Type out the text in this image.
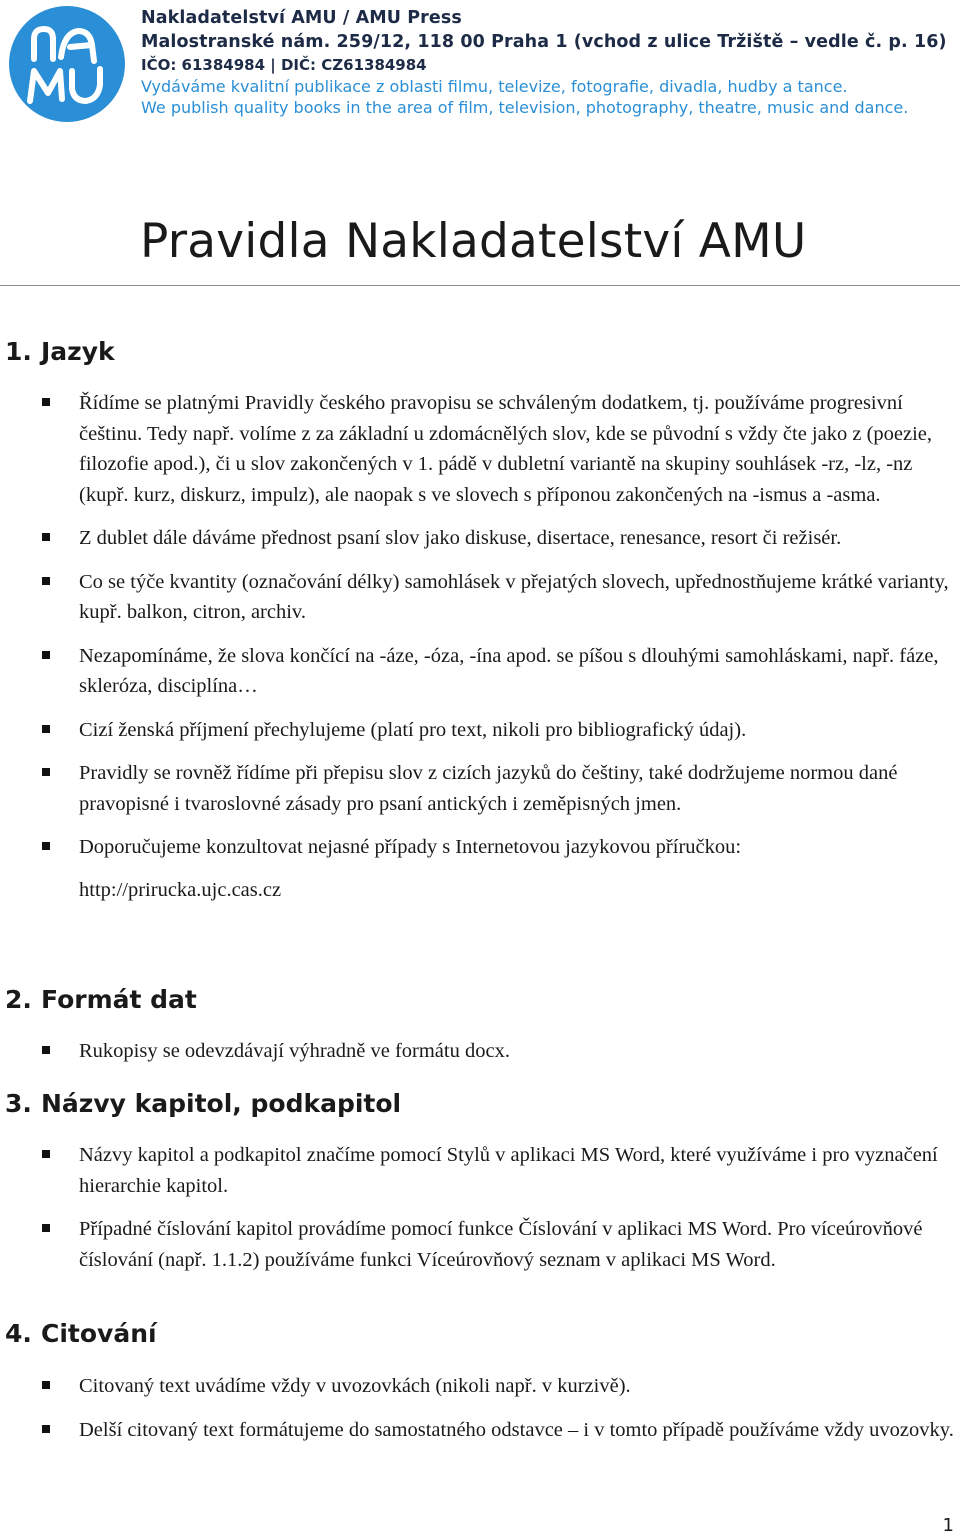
Nakladatelství AMU / AMU Press
Malostranské nám. 259/12, 118 00 Praha 1 (vchod z ulice Tržiště – vedle č. p. 16)
IČO: 61384984 | DIČ: CZ61384984
Vydáváme kvalitní publikace z oblasti filmu, televize, fotografie, divadla, hudby a tance.
We publish quality books in the area of film, television, photography, theatre, music and dance.
Pravidla Nakladatelství AMU
1. Jazyk
Řídíme se platnými Pravidly českého pravopisu se schváleným dodatkem, tj. používáme progresivní češtinu. Tedy např. volíme z za základní u zdomácnělých slov, kde se původní s vždy čte jako z (poezie, filozofie apod.), či u slov zakončených v 1. pádě v dubletní variantě na skupiny souhlásek -rz, -lz, -nz (kupř. kurz, diskurz, impulz), ale naopak s ve slovech s příponou zakončených na -ismus a -asma.
Z dublet dále dáváme přednost psaní slov jako diskuse, disertace, renesance, resort či režisér.
Co se týče kvantity (označování délky) samohlásek v přejatých slovech, upřednostňujeme krátké varianty, kupř. balkon, citron, archiv.
Nezapomínáme, že slova končící na -áze, -óza, -ína apod. se píšou s dlouhými samohláskami, např. fáze, skleróza, disciplína…
Cizí ženská příjmení přechylujeme (platí pro text, nikoli pro bibliografický údaj).
Pravidly se rovněž řídíme při přepisu slov z cizích jazyků do češtiny, také dodržujeme normou dané pravopisné i tvaroslovné zásady pro psaní antických i zeměpisných jmen.
Doporučujeme konzultovat nejasné případy s Internetovou jazykovou příručkou:
http://prirucka.ujc.cas.cz
2. Formát dat
Rukopisy se odevzdávají výhradně ve formátu docx.
3. Názvy kapitol, podkapitol
Názvy kapitol a podkapitol značíme pomocí Stylů v aplikaci MS Word, které využíváme i pro vyznačení hierarchie kapitol.
Případné číslování kapitol provádíme pomocí funkce Číslování v aplikaci MS Word. Pro víceúrovňové číslování (např. 1.1.2) používáme funkci Víceúrovňový seznam v aplikaci MS Word.
4. Citování
Citovaný text uvádíme vždy v uvozovkách (nikoli např. v kurzivě).
Delší citovaný text formátujeme do samostatného odstavce – i v tomto případě používáme vždy uvozovky.
1
